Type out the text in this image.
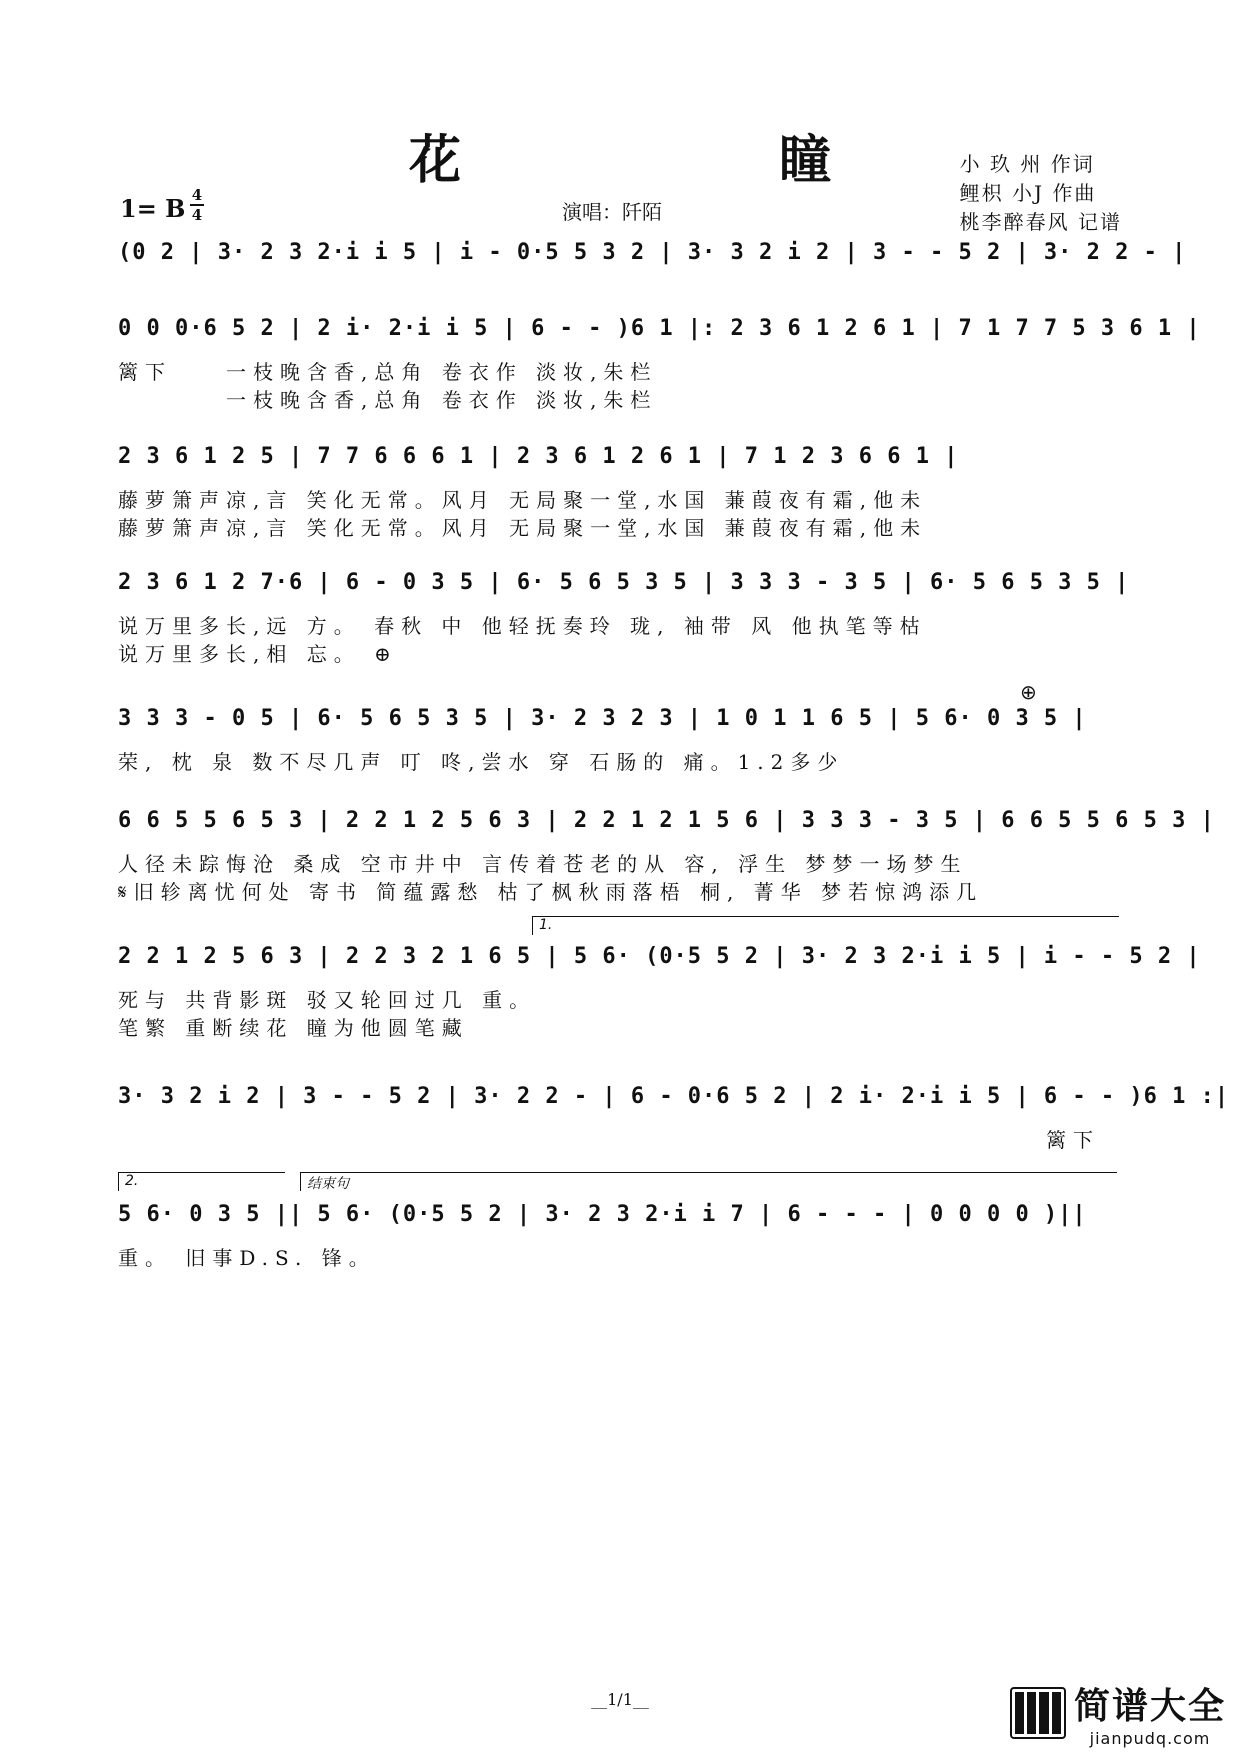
花 瞳
小 玖 州 作词
鲤枳 小J 作曲
桃李醉春风 记谱
1= B 4
4	演唱：阡陌
(0 2 | 3· 2 3 2·i i 5 | i - 0·5 5 3 2 | 3· 3 2 i 2 | 3 - - 5 2 | 3· 2 2 - |
0 0 0·6 5 2 | 2 i· 2·i i 5 | 6 - - )6 1 |: 2 3 6 1 2 6 1 | 7 1 7 7 5 3 6 1 |
篱下　　一枝晚含香,总角 卷衣作 淡妆,朱栏
　　　　一枝晚含香,总角 卷衣作 淡妆,朱栏
2 3 6 1 2 5 | 7 7 6 6 6 1 | 2 3 6 1 2 6 1 | 7 1 2 3 6 6 1 |
藤萝箫声凉,言 笑化无常。风月 无局聚一堂,水国 蒹葭夜有霜,他未
藤萝箫声凉,言 笑化无常。风月 无局聚一堂,水国 蒹葭夜有霜,他未
2 3 6 1 2 7·6 | 6 - 0 3 5 | 6· 5 6 5 3 5 | 3 3 3 - 3 5 | 6· 5 6 5 3 5 |
说万里多长,远 方。 春秋 中 他轻抚奏玲 珑, 袖带 风 他执笔等枯
说万里多长,相 忘。 ⊕
3 3 3 - 0 5 | 6· 5 6 5 3 5 | 3· 2 3 2 3 | 1 0 1 1 6 5 | 5 6· 0 3 5 |
荣, 枕 泉 数不尽几声 叮 咚,尝水 穿 石肠的 痛。1.2多少
⊕
6 6 5 5 6 5 3 | 2 2 1 2 5 6 3 | 2 2 1 2 1 5 6 | 3 3 3 - 3 5 | 6 6 5 5 6 5 3 |
人径未踪悔沧 桑成 空市井中 言传着苍老的从 容, 浮生 梦梦一场梦生
𝄋旧轸离忧何处 寄书 简蕴露愁 枯了枫秋雨落梧 桐, 菁华 梦若惊鸿添几
1.
2 2 1 2 5 6 3 | 2 2 3 2 1 6 5 | 5 6· (0·5 5 2 | 3· 2 3 2·i i 5 | i - - 5 2 |
死与 共背影斑 驳又轮回过几 重。
笔繁 重断续花 瞳为他圆笔藏
3· 3 2 i 2 | 3 - - 5 2 | 3· 2 2 - | 6 - 0·6 5 2 | 2 i· 2·i i 5 | 6 - - )6 1 :|
篱下
2.	结束句
5 6· 0 3 5 || 5 6· (0·5 5 2 | 3· 2 3 2·i i 7 | 6 - - - | 0 0 0 0 )||
重。 旧事D.S. 锋。
__1/1__	简谱大全
jianpudq.com
